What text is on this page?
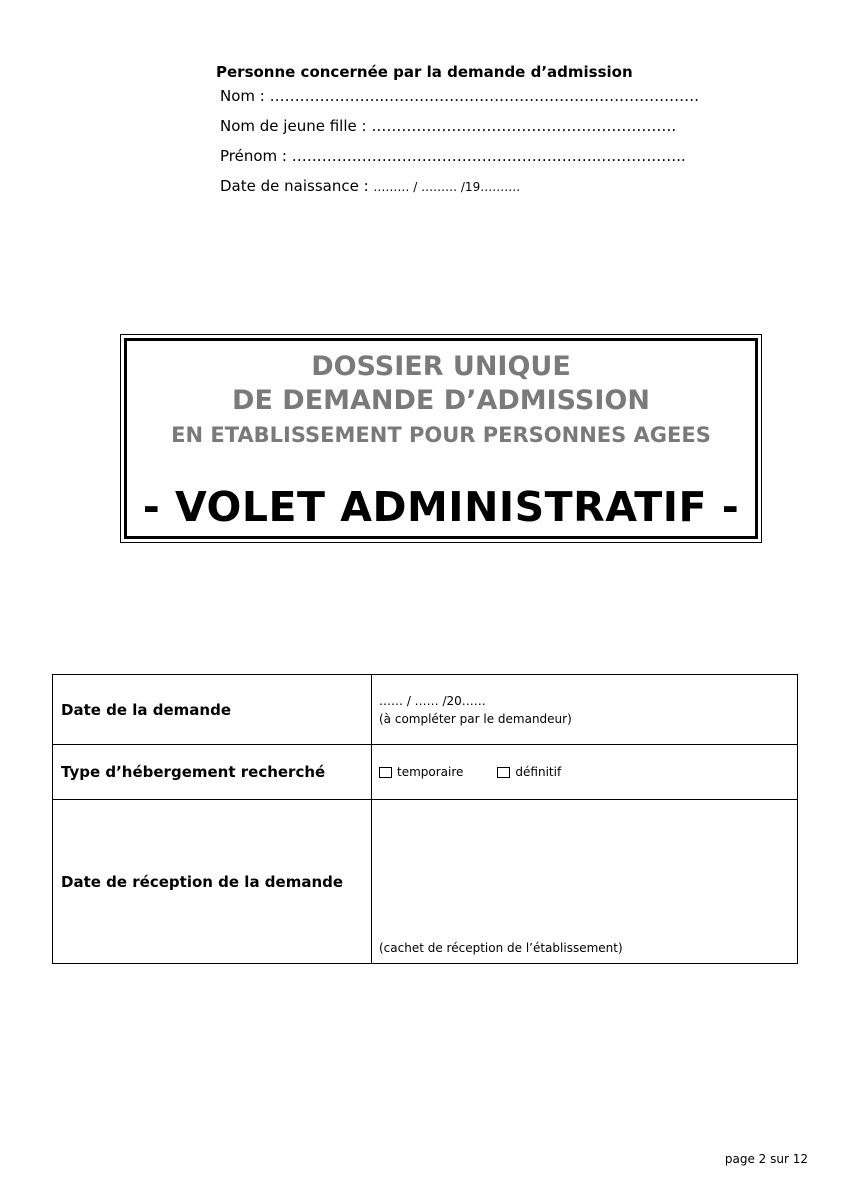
Personne concernée par la demande d’admission
Nom : …………………..………………………………………………………
Nom de jeune fille : …………………………………………………….
Prénom : ……………………………………………………..……………..
Date de naissance : ……… / ……… /19……….
DOSSIER UNIQUE
DE DEMANDE D’ADMISSION
EN ETABLISSEMENT POUR PERSONNES AGEES
- VOLET ADMINISTRATIF -
Date de la demande	…… / …… /20……
(à compléter par le demandeur)

Type d’hébergement recherché	temporaire définitif

Date de réception de la demande	(cachet de réception de l’établissement)
page 2 sur 12
